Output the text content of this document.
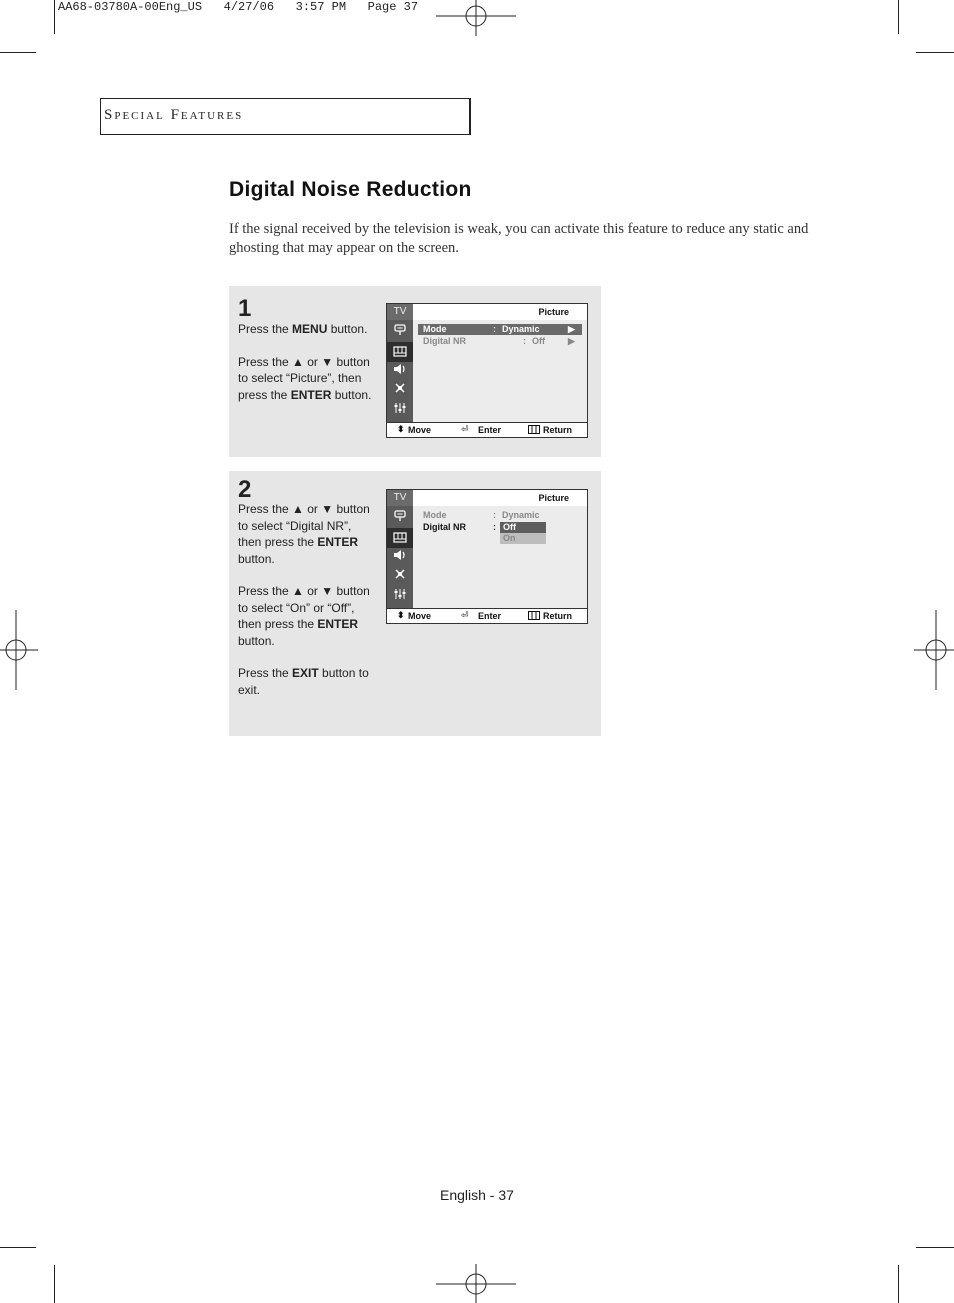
AA68-03780A-00Eng_US   4/27/06   3:57 PM   Page 37
Special Features
Digital Noise Reduction
If the signal received by the television is weak, you can activate this feature to reduce any static and ghosting that may appear on the screen.
1

Press the MENU button.

Press the ▲ or ▼ button to select “Picture”, then press the ENTER button.

TV	Picture
Mode	: Dynamic	▶
Digital NR	: Off	▶
⬍ Move	⏎ Enter	Return
2

Press the ▲ or ▼ button to select “Digital NR”, then press the ENTER button.

Press the ▲ or ▼ button to select “On” or “Off”, then press the ENTER button.

Press the EXIT button to exit.

TV	Picture
Mode	: Dynamic
Digital NR	: Off
On
⬍ Move	⏎ Enter	Return
English - 37
